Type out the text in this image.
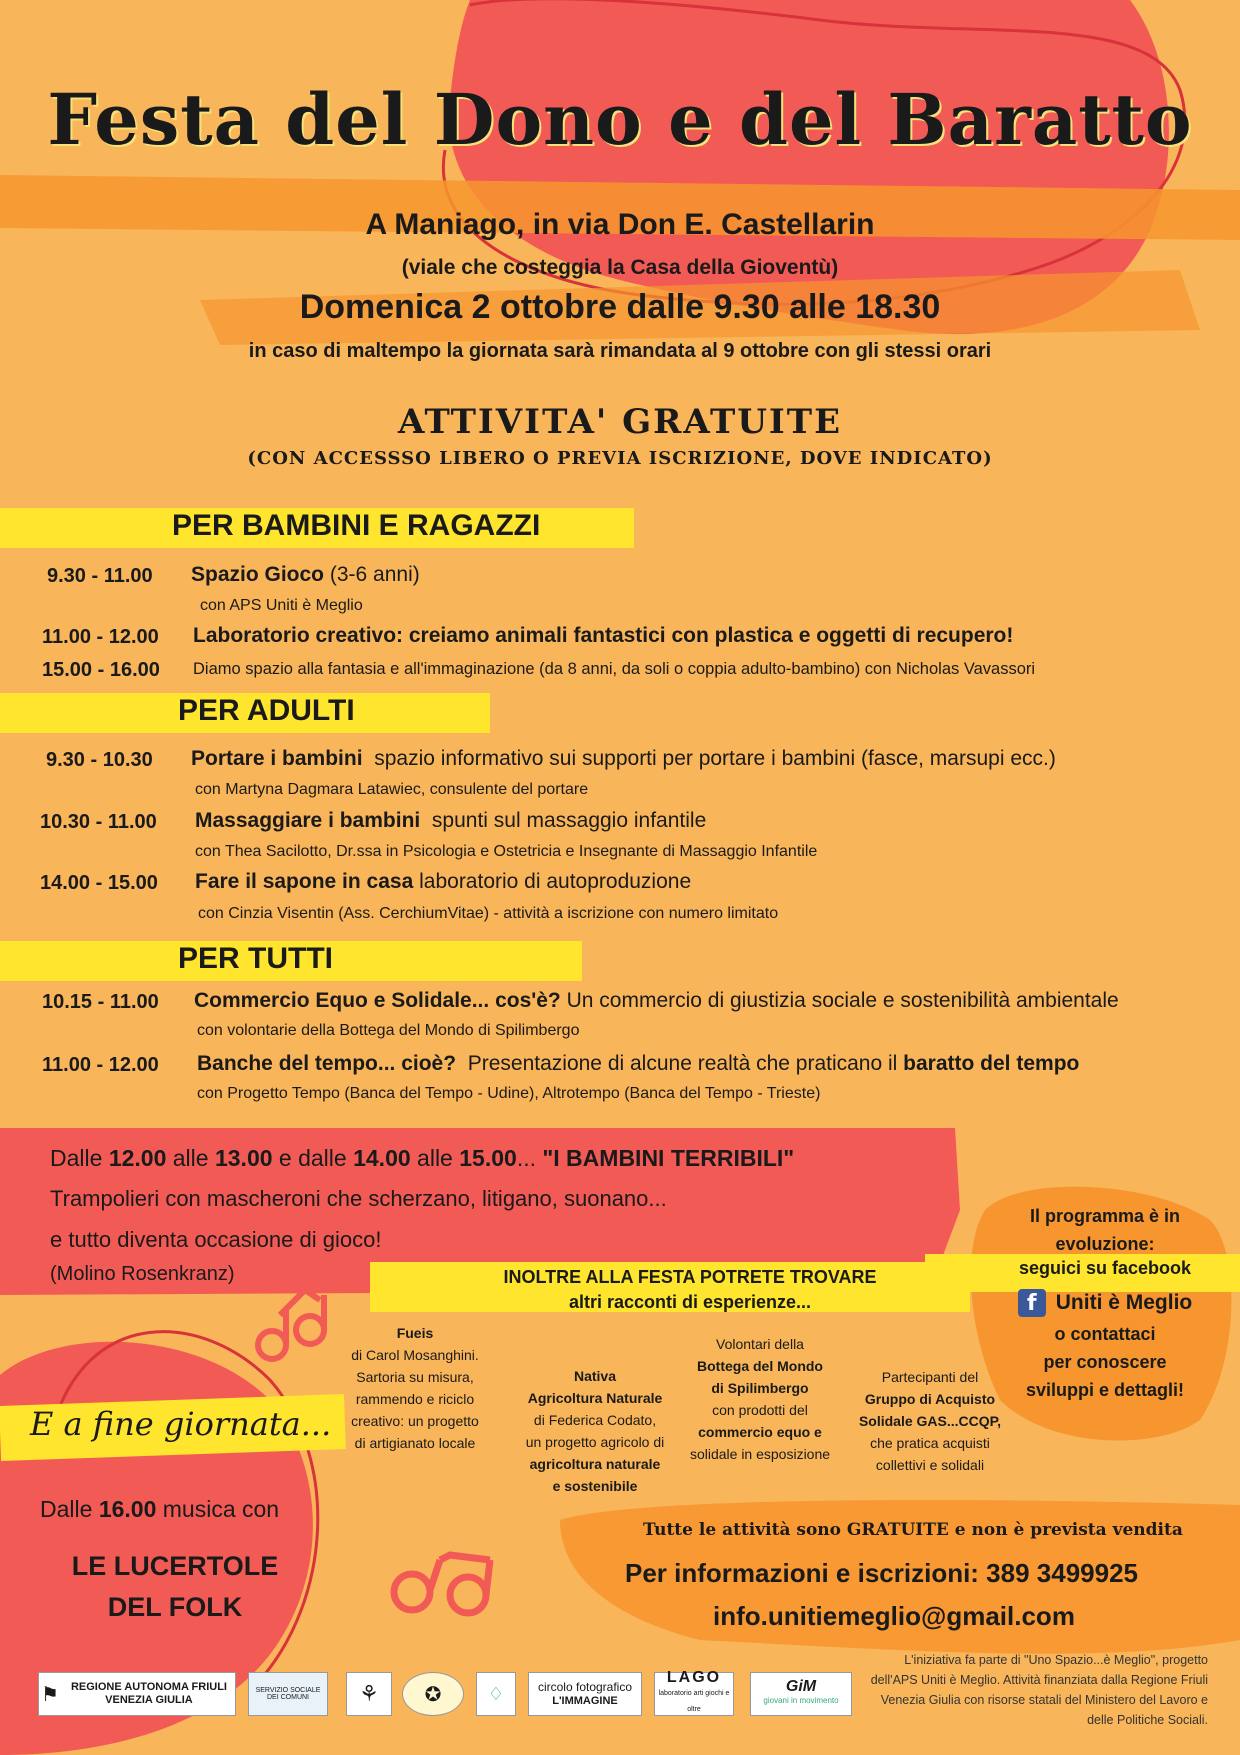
Festa del Dono e del Baratto
A Maniago, in via Don E. Castellarin
(viale che costeggia la Casa della Gioventù)
Domenica 2 ottobre dalle 9.30 alle 18.30
in caso di maltempo la giornata sarà rimandata al 9 ottobre con gli stessi orari
ATTIVITA' GRATUITE
(CON ACCESSSO LIBERO O PREVIA ISCRIZIONE, DOVE INDICATO)
PER BAMBINI E RAGAZZI
9.30 - 11.00 Spazio Gioco (3-6 anni)
con APS Uniti è Meglio
11.00 - 12.00 Laboratorio creativo: creiamo animali fantastici con plastica e oggetti di recupero!
15.00 - 16.00 Diamo spazio alla fantasia e all'immaginazione (da 8 anni, da soli o coppia adulto-bambino) con Nicholas Vavassori
PER ADULTI
9.30 - 10.30 Portare i bambini spazio informativo sui supporti per portare i bambini (fasce, marsupi ecc.)
con Martyna Dagmara Latawiec, consulente del portare
10.30 - 11.00 Massaggiare i bambini spunti sul massaggio infantile
con Thea Sacilotto, Dr.ssa in Psicologia e Ostetricia e Insegnante di Massaggio Infantile
14.00 - 15.00 Fare il sapone in casa laboratorio di autoproduzione
con Cinzia Visentin (Ass. CerchiumVitae) - attività a iscrizione con numero limitato
PER TUTTI
10.15 - 11.00 Commercio Equo e Solidale... cos'è? Un commercio di giustizia sociale e sostenibilità ambientale
con volontarie della Bottega del Mondo di Spilimbergo
11.00 - 12.00 Banche del tempo... cioè? Presentazione di alcune realtà che praticano il baratto del tempo
con Progetto Tempo (Banca del Tempo - Udine), Altrotempo (Banca del Tempo - Trieste)
Dalle 12.00 alle 13.00 e dalle 14.00 alle 15.00... "I BAMBINI TERRIBILI"
Trampolieri con mascheroni che scherzano, litigano, suonano...
e tutto diventa occasione di gioco!
(Molino Rosenkranz)
Il programma è in
evoluzione:
seguici su facebook
f Uniti è Meglio
o contattaci
per conoscere
sviluppi e dettagli!
INOLTRE ALLA FESTA POTRETE TROVARE
altri racconti di esperienze...
Fueis
di Carol Mosanghini.
Sartoria su misura,
rammendo e riciclo
creativo: un progetto
di artigianato locale
Nativa
Agricoltura Naturale
di Federica Codato,
un progetto agricolo di
agricoltura naturale
e sostenibile
Volontari della
Bottega del Mondo
di Spilimbergo
con prodotti del
commercio equo e
solidale in esposizione
Partecipanti del
Gruppo di Acquisto
Solidale GAS...CCQP,
che pratica acquisti
collettivi e solidali
E a fine giornata...
Dalle 16.00 musica con
LE LUCERTOLE
DEL FOLK
Tutte le attività sono GRATUITE e non è prevista vendita
Per informazioni e iscrizioni: 389 3499925
info.unitiemeglio@gmail.com
⚑	REGIONE AUTONOMA FRIULI VENEZIA GIULIA
SERVIZIO SOCIALE DEI COMUNI	⚘ ✪	♢	circolo fotografico
L'IMMAGINE
LAGO
laboratorio arti giochi e oltre
GiM
giovani in movimento
L'iniziativa fa parte di "Uno Spazio...è Meglio", progetto dell'APS Uniti è Meglio. Attività finanziata dalla Regione Friuli Venezia Giulia con risorse statali del Ministero del Lavoro e delle Politiche Sociali.
